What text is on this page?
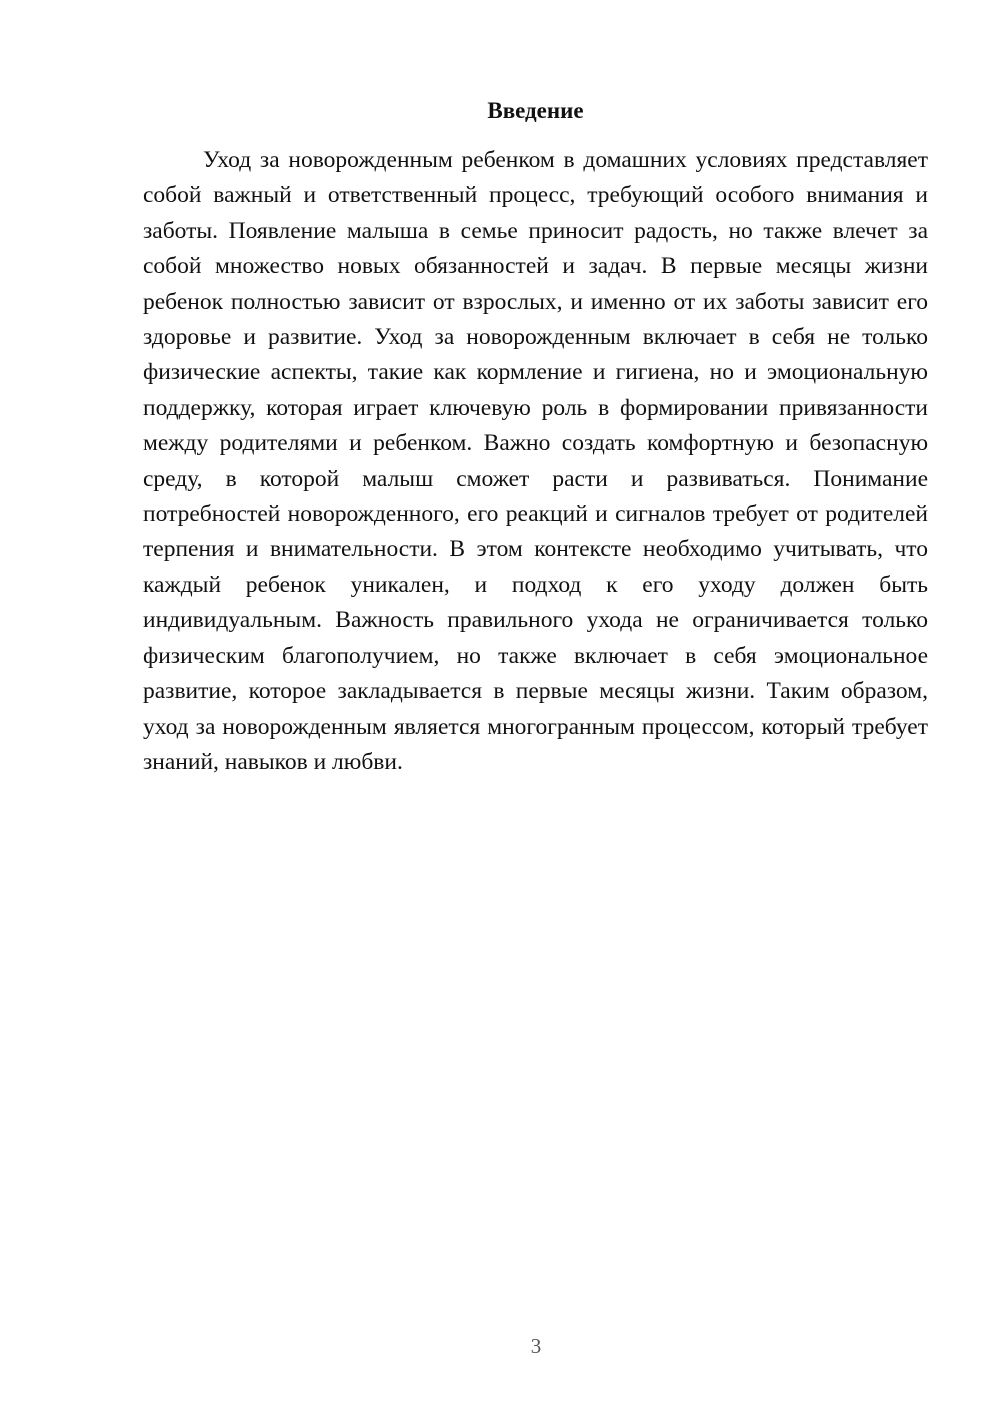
Введение

Уход за новорожденным ребенком в домашних условиях представляет собой важный и ответственный процесс, требующий особого внимания и заботы. Появление малыша в семье приносит радость, но также влечет за собой множество новых обязанностей и задач. В первые месяцы жизни ребенок полностью зависит от взрослых, и именно от их заботы зависит его здоровье и развитие. Уход за новорожденным включает в себя не только физические аспекты, такие как кормление и гигиена, но и эмоциональную поддержку, которая играет ключевую роль в формировании привязанности между родителями и ребенком. Важно создать комфортную и безопасную среду, в которой малыш сможет расти и развиваться. Понимание потребностей новорожденного, его реакций и сигналов требует от родителей терпения и внимательности. В этом контексте необходимо учитывать, что каждый ребенок уникален, и подход к его уходу должен быть индивидуальным. Важность правильного ухода не ограничивается только физическим благополучием, но также включает в себя эмоциональное развитие, которое закладывается в первые месяцы жизни. Таким образом, уход за новорожденным является многогранным процессом, который требует знаний, навыков и любви.

3
